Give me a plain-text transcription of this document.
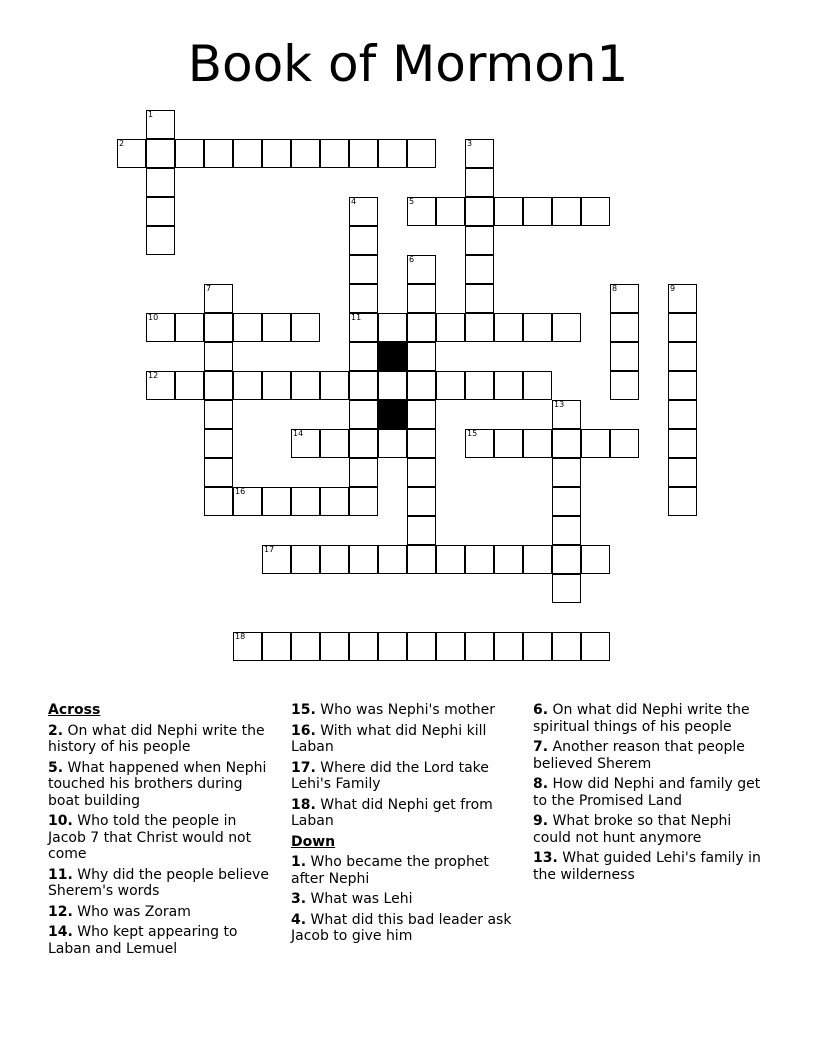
Book of Mormon1
2
5
10	11
12
14	15
16
17
18
1
3
4
6
7	8	9
13
Across

2. On what did Nephi write the history of his people

5. What happened when Nephi touched his brothers during boat building

10. Who told the people in Jacob 7 that Christ would not come

11. Why did the people believe Sherem's words

12. Who was Zoram

14. Who kept appearing to Laban and Lemuel

15. Who was Nephi's mother

16. With what did Nephi kill Laban

17. Where did the Lord take Lehi's Family

18. What did Nephi get from Laban

Down

1. Who became the prophet after Nephi

3. What was Lehi

4. What did this bad leader ask Jacob to give him

6. On what did Nephi write the spiritual things of his people

7. Another reason that people believed Sherem

8. How did Nephi and family get to the Promised Land

9. What broke so that Nephi could not hunt anymore

13. What guided Lehi's family in the wilderness
